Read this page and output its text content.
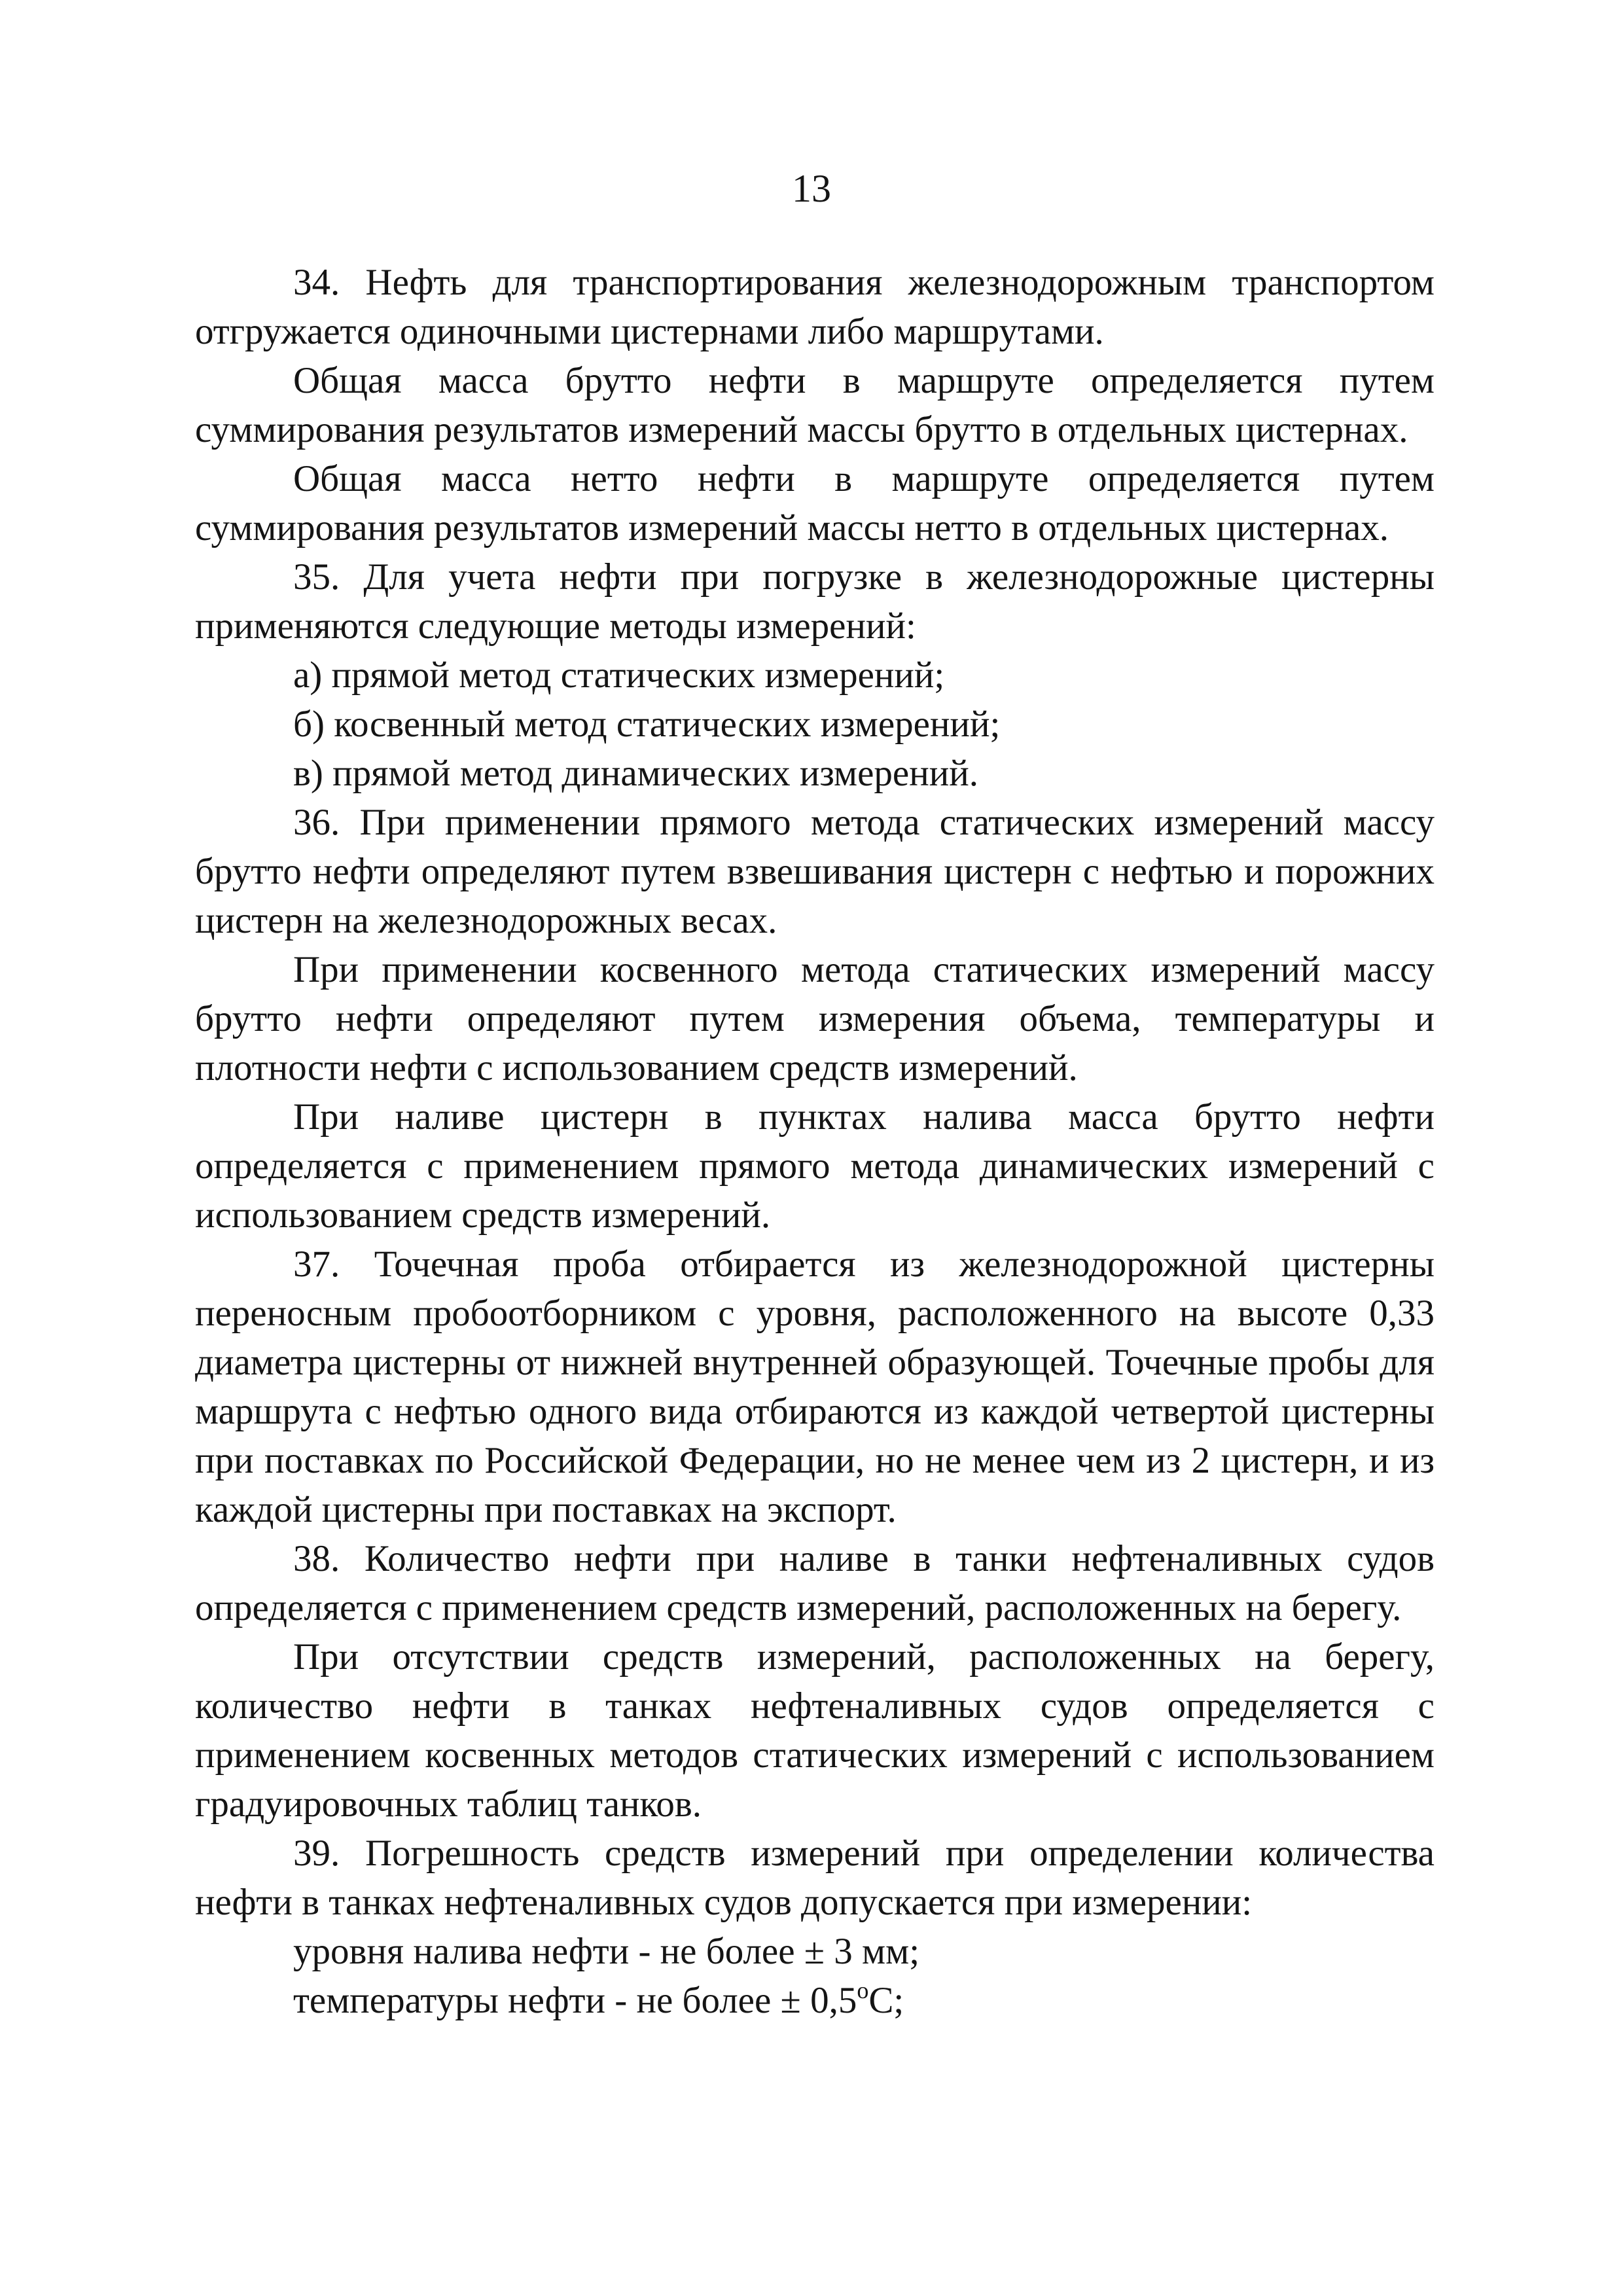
13

34. Нефть для транспортирования железнодорожным транспортом отгружается одиночными цистернами либо маршрутами.

Общая масса брутто нефти в маршруте определяется путем суммирования результатов измерений массы брутто в отдельных цистернах.

Общая масса нетто нефти в маршруте определяется путем суммирования результатов измерений массы нетто в отдельных цистернах.

35. Для учета нефти при погрузке в железнодорожные цистерны применяются следующие методы измерений:

а) прямой метод статических измерений;

б) косвенный метод статических измерений;

в) прямой метод динамических измерений.

36. При применении прямого метода статических измерений массу брутто нефти определяют путем взвешивания цистерн с нефтью и порожних цистерн на железнодорожных весах.

При применении косвенного метода статических измерений массу брутто нефти определяют путем измерения объема, температуры и плотности нефти с использованием средств измерений.

При наливе цистерн в пунктах налива масса брутто нефти определяется с применением прямого метода динамических измерений с использованием средств измерений.

37. Точечная проба отбирается из железнодорожной цистерны переносным пробоотборником с уровня, расположенного на высоте 0,33 диаметра цистерны от нижней внутренней образующей. Точечные пробы для маршрута с нефтью одного вида отбираются из каждой четвертой цистерны при поставках по Российской Федерации, но не менее чем из 2 цистерн, и из каждой цистерны при поставках на экспорт.

38. Количество нефти при наливе в танки нефтеналивных судов определяется с применением средств измерений, расположенных на берегу.

При отсутствии средств измерений, расположенных на берегу, количество нефти в танках нефтеналивных судов определяется с применением косвенных методов статических измерений с использованием градуировочных таблиц танков.

39. Погрешность средств измерений при определении количества нефти в танках нефтеналивных судов допускается при измерении:

уровня налива нефти - не более ± 3 мм;

температуры нефти - не более ± $0,5^оС$;
